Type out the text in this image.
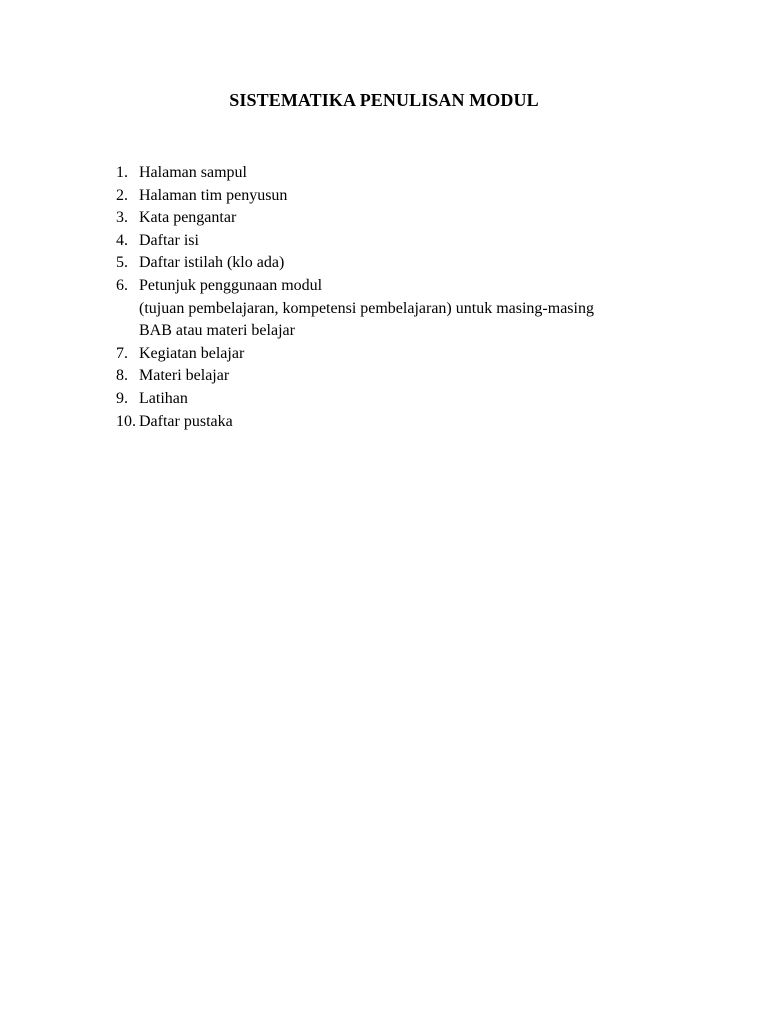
SISTEMATIKA PENULISAN MODUL
1. Halaman sampul
2. Halaman tim penyusun
3. Kata pengantar
4. Daftar isi
5. Daftar istilah (klo ada)
6. Petunjuk penggunaan modul
(tujuan pembelajaran, kompetensi pembelajaran) untuk masing-masing
BAB atau materi belajar
7. Kegiatan belajar
8. Materi belajar
9. Latihan
10. Daftar pustaka
